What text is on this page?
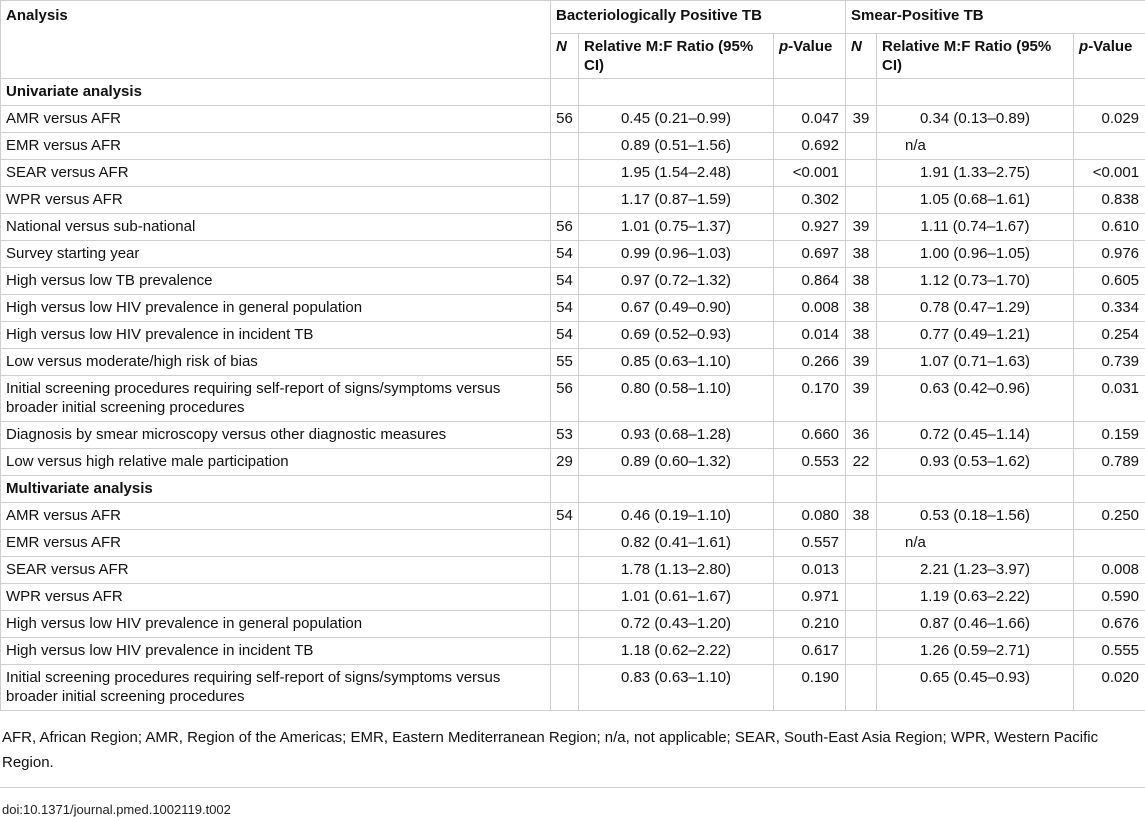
Analysis	Bacteriologically Positive TB			Smear-Positive TB		
	N	Relative M:F Ratio (95% CI)	p-Value	N	Relative M:F Ratio (95% CI)	p-Value
Univariate analysis						
AMR versus AFR	56	0.45 (0.21–0.99)	0.047	39	0.34 (0.13–0.89)	0.029
EMR versus AFR		0.89 (0.51–1.56)	0.692		n/a	
SEAR versus AFR		1.95 (1.54–2.48)	<0.001		1.91 (1.33–2.75)	<0.001
WPR versus AFR		1.17 (0.87–1.59)	0.302		1.05 (0.68–1.61)	0.838
National versus sub-national	56	1.01 (0.75–1.37)	0.927	39	1.11 (0.74–1.67)	0.610
Survey starting year	54	0.99 (0.96–1.03)	0.697	38	1.00 (0.96–1.05)	0.976
High versus low TB prevalence	54	0.97 (0.72–1.32)	0.864	38	1.12 (0.73–1.70)	0.605
High versus low HIV prevalence in general population	54	0.67 (0.49–0.90)	0.008	38	0.78 (0.47–1.29)	0.334
High versus low HIV prevalence in incident TB	54	0.69 (0.52–0.93)	0.014	38	0.77 (0.49–1.21)	0.254
Low versus moderate/high risk of bias	55	0.85 (0.63–1.10)	0.266	39	1.07 (0.71–1.63)	0.739
Initial screening procedures requiring self-report of signs/symptoms versus broader initial screening procedures	56	0.80 (0.58–1.10)	0.170	39	0.63 (0.42–0.96)	0.031
Diagnosis by smear microscopy versus other diagnostic measures	53	0.93 (0.68–1.28)	0.660	36	0.72 (0.45–1.14)	0.159
Low versus high relative male participation	29	0.89 (0.60–1.32)	0.553	22	0.93 (0.53–1.62)	0.789
Multivariate analysis						
AMR versus AFR	54	0.46 (0.19–1.10)	0.080	38	0.53 (0.18–1.56)	0.250
EMR versus AFR		0.82 (0.41–1.61)	0.557		n/a	
SEAR versus AFR		1.78 (1.13–2.80)	0.013		2.21 (1.23–3.97)	0.008
WPR versus AFR		1.01 (0.61–1.67)	0.971		1.19 (0.63–2.22)	0.590
High versus low HIV prevalence in general population		0.72 (0.43–1.20)	0.210		0.87 (0.46–1.66)	0.676
High versus low HIV prevalence in incident TB		1.18 (0.62–2.22)	0.617		1.26 (0.59–2.71)	0.555
Initial screening procedures requiring self-report of signs/symptoms versus broader initial screening procedures		0.83 (0.63–1.10)	0.190		0.65 (0.45–0.93)	0.020
AFR, African Region; AMR, Region of the Americas; EMR, Eastern Mediterranean Region; n/a, not applicable; SEAR, South-East Asia Region; WPR, Western Pacific Region.
doi:10.1371/journal.pmed.1002119.t002
